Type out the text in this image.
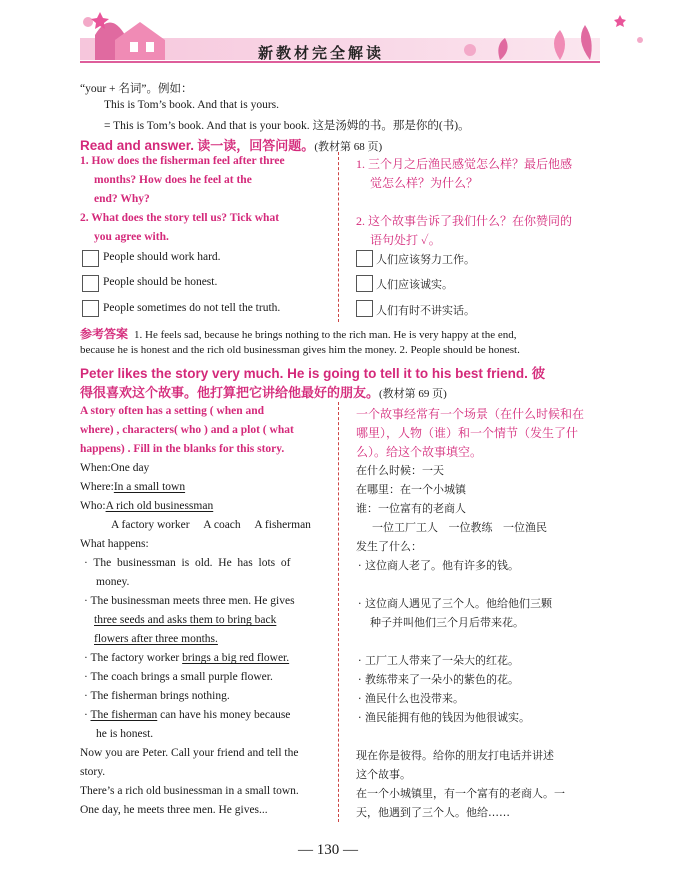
新教材完全解读
“your + 名词”。例如：
This is Tom’s book. And that is yours.
= This is Tom’s book. And that is your book. 这是汤姆的书。那是你的(书)。
Read and answer. 读一读，回答问题。(教材第 68 页)
1. How does the fisherman feel after three
months? How does he feel at the
end? Why?
2. What does the story tell us? Tick what
you agree with.
1. 三个月之后渔民感觉怎么样？最后他感
觉怎么样？为什么？
2. 这个故事告诉了我们什么？在你赞同的
语句处打 ✓。
People should work hard.
People should be honest.
People sometimes do not tell the truth.
人们应该努力工作。
人们应该诚实。
人们有时不讲实话。
参考答案 1. He feels sad, because he brings nothing to the rich man. He is very happy at the end,
because he is honest and the rich old businessman gives him the money. 2. People should be honest.
Peter likes the story very much. He is going to tell it to his best friend. 彼
得很喜欢这个故事。他打算把它讲给他最好的朋友。(教材第 69 页)
A story often has a setting ( when and
where) , characters( who ) and a plot ( what
happens) . Fill in the blanks for this story.
一个故事经常有一个场景（在什么时候和在
哪里），人物（谁）和一个情节（发生了什
么）。给这个故事填空。
When:One day
Where:In a small town
Who:A rich old businessman
A factory worker     A coach     A fisherman
What happens:
·  The  businessman  is  old.  He  has  lots  of
money.
· The businessman meets three men. He gives
three seeds and asks them to bring back
flowers after three months.
· The factory worker brings a big red flower.
· The coach brings a small purple flower.
· The fisherman brings nothing.
· The fisherman can have his money because
he is honest.
Now you are Peter. Call your friend and tell the
story.
There’s a rich old businessman in a small town.
One day, he meets three men. He gives...
在什么时候：一天
在哪里：在一个小城镇
谁：一位富有的老商人
一位工厂工人   一位教练   一位渔民
发生了什么：
· 这位商人老了。他有许多的钱。
· 这位商人遇见了三个人。他给他们三颗
种子并叫他们三个月后带来花。
· 工厂工人带来了一朵大的红花。
· 教练带来了一朵小的紫色的花。
· 渔民什么也没带来。
· 渔民能拥有他的钱因为他很诚实。
现在你是彼得。给你的朋友打电话并讲述
这个故事。
在一个小城镇里，有一个富有的老商人。一
天，他遇到了三个人。他给……
— 130 —
